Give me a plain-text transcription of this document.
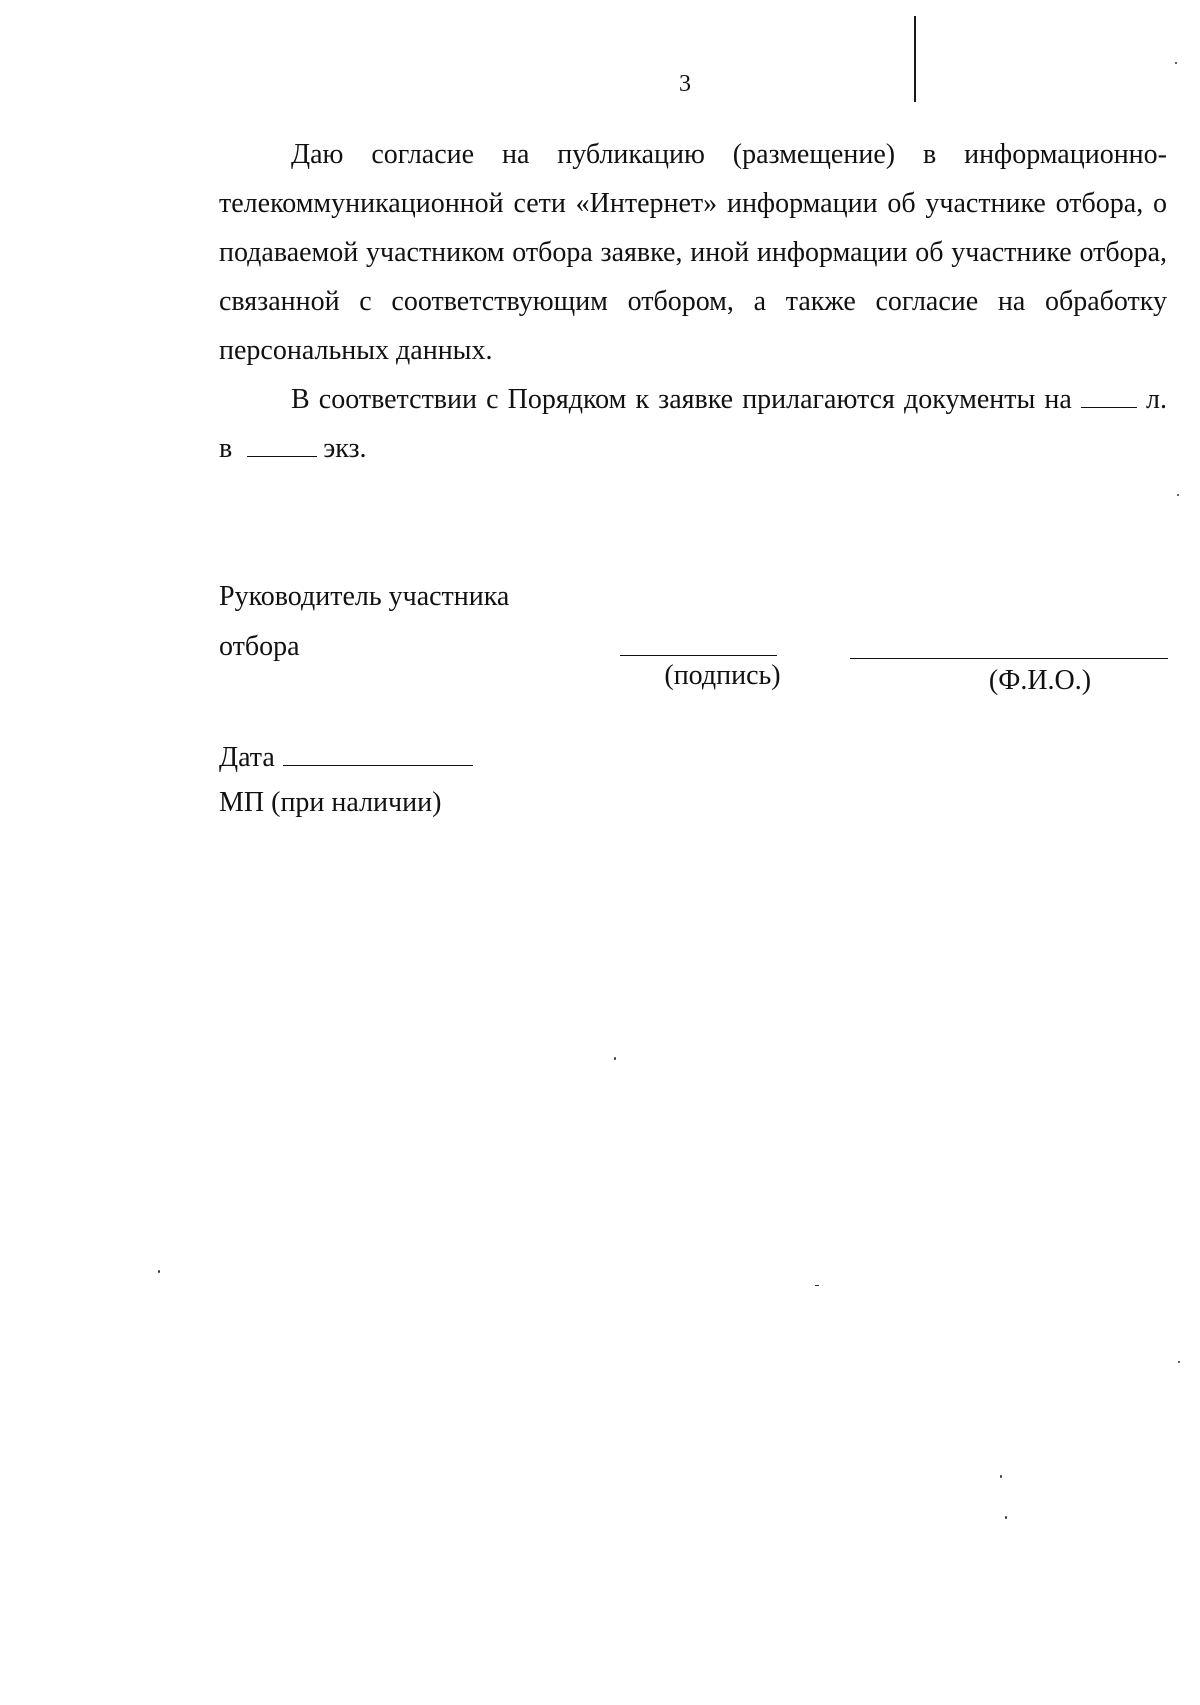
3
Даю согласие на публикацию (размещение) в информационно-
телекоммуникационной сети «Интернет» информации об участнике отбора, о
подаваемой участником отбора заявке, иной информации об участнике отбора,
связанной с соответствующим отбором, а также согласие на обработку
персональных данных.
В соответствии с Порядком к заявке прилагаются документы на	л.
в	экз.
Руководитель участника
отбора
(подпись)	(Ф.И.О.)
Дата
МП (при наличии)
